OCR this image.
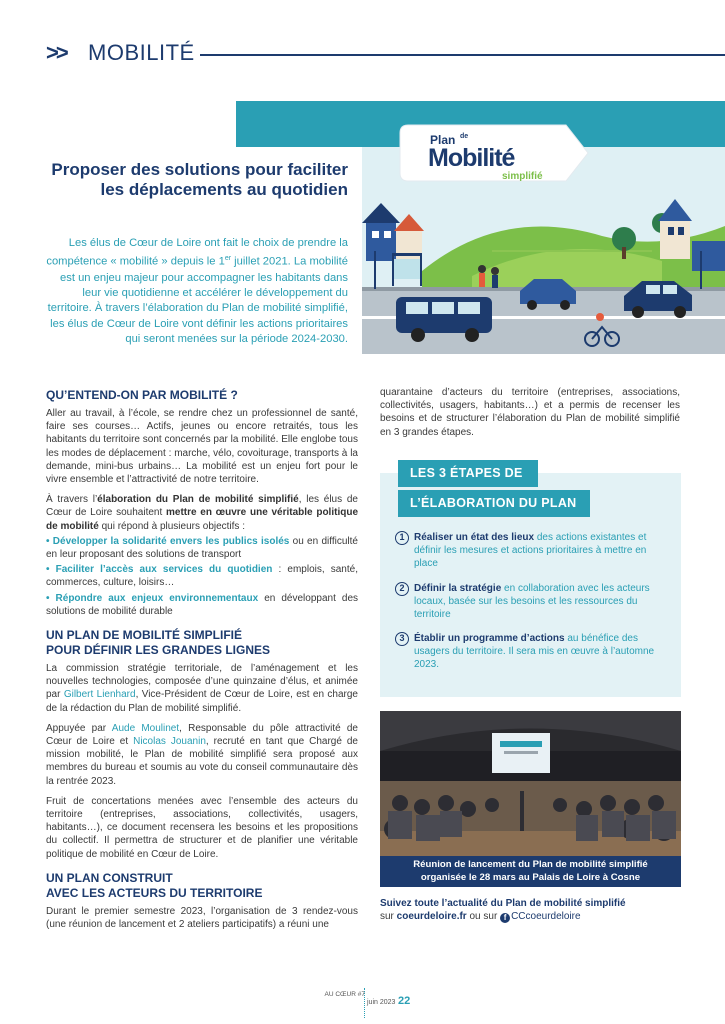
>> MOBILITÉ
Plan de
Mobilité
simplifié
Proposer des solutions pour faciliter les déplacements au quotidien
Les élus de Cœur de Loire ont fait le choix de prendre la compétence « mobilité » depuis le 1er juillet 2021. La mobilité est un enjeu majeur pour accompagner les habitants dans leur vie quotidienne et accélérer le développement du territoire. À travers l’élaboration du Plan de mobilité simplifié, les élus de Cœur de Loire vont définir les actions prioritaires qui seront menées sur la période 2024-2030.
QU’ENTEND-ON PAR MOBILITÉ ?

Aller au travail, à l’école, se rendre chez un professionnel de santé, faire ses courses… Actifs, jeunes ou encore retraités, tous les habitants du territoire sont concernés par la mobilité. Elle englobe tous les modes de déplacement : marche, vélo, covoiturage, transports à la demande, mini-bus urbains… La mobilité est un enjeu fort pour le vivre ensemble et l’attractivité de notre territoire.

À travers l’élaboration du Plan de mobilité simplifié, les élus de Cœur de Loire souhaitent mettre en œuvre une véritable politique de mobilité qui répond à plusieurs objectifs :

• Développer la solidarité envers les publics isolés ou en difficulté en leur proposant des solutions de transport

• Faciliter l’accès aux services du quotidien : emplois, santé, commerces, culture, loisirs…

• Répondre aux enjeux environnementaux en développant des solutions de mobilité durable

UN PLAN DE MOBILITÉ SIMPLIFIÉ
POUR DÉFINIR LES GRANDES LIGNES

La commission stratégie territoriale, de l’aménagement et les nouvelles technologies, composée d’une quinzaine d’élus, et animée par Gilbert Lienhard, Vice-Président de Cœur de Loire, est en charge de la rédaction du Plan de mobilité simplifié.

Appuyée par Aude Moulinet, Responsable du pôle attractivité de Cœur de Loire et Nicolas Jouanin, recruté en tant que Chargé de mission mobilité, le Plan de mobilité simplifié sera proposé aux membres du bureau et soumis au vote du conseil communautaire dès la rentrée 2023.

Fruit de concertations menées avec l’ensemble des acteurs du territoire (entreprises, associations, collectivités, usagers, habitants…), ce document recensera les besoins et les propositions du collectif. Il permettra de structurer et de planifier une véritable politique de mobilité en Cœur de Loire.

UN PLAN CONSTRUIT
AVEC LES ACTEURS DU TERRITOIRE

Durant le premier semestre 2023, l’organisation de 3 rendez-vous (une réunion de lancement et 2 ateliers participatifs) a réuni une

quarantaine d’acteurs du territoire (entreprises, associations, collectivités, usagers, habitants…) et a permis de recenser les besoins et de structurer l’élaboration du Plan de mobilité simplifié en 3 grandes étapes.

LES 3 ÉTAPES DE
L’ÉLABORATION DU PLAN
1 Réaliser un état des lieux des actions existantes et définir les mesures et actions prioritaires à mettre en place
2 Définir la stratégie en collaboration avec les acteurs locaux, basée sur les besoins et les ressources du territoire
3 Établir un programme d’actions au bénéfice des usagers du territoire. Il sera mis en œuvre à l’automne 2023.
Réunion de lancement du Plan de mobilité simplifié
organisée le 28 mars au Palais de Loire à Cosne
Suivez toute l’actualité du Plan de mobilité simplifié
sur coeurdeloire.fr ou sur f CCcoeurdeloire
AU CŒUR #7
juin 2023 22
